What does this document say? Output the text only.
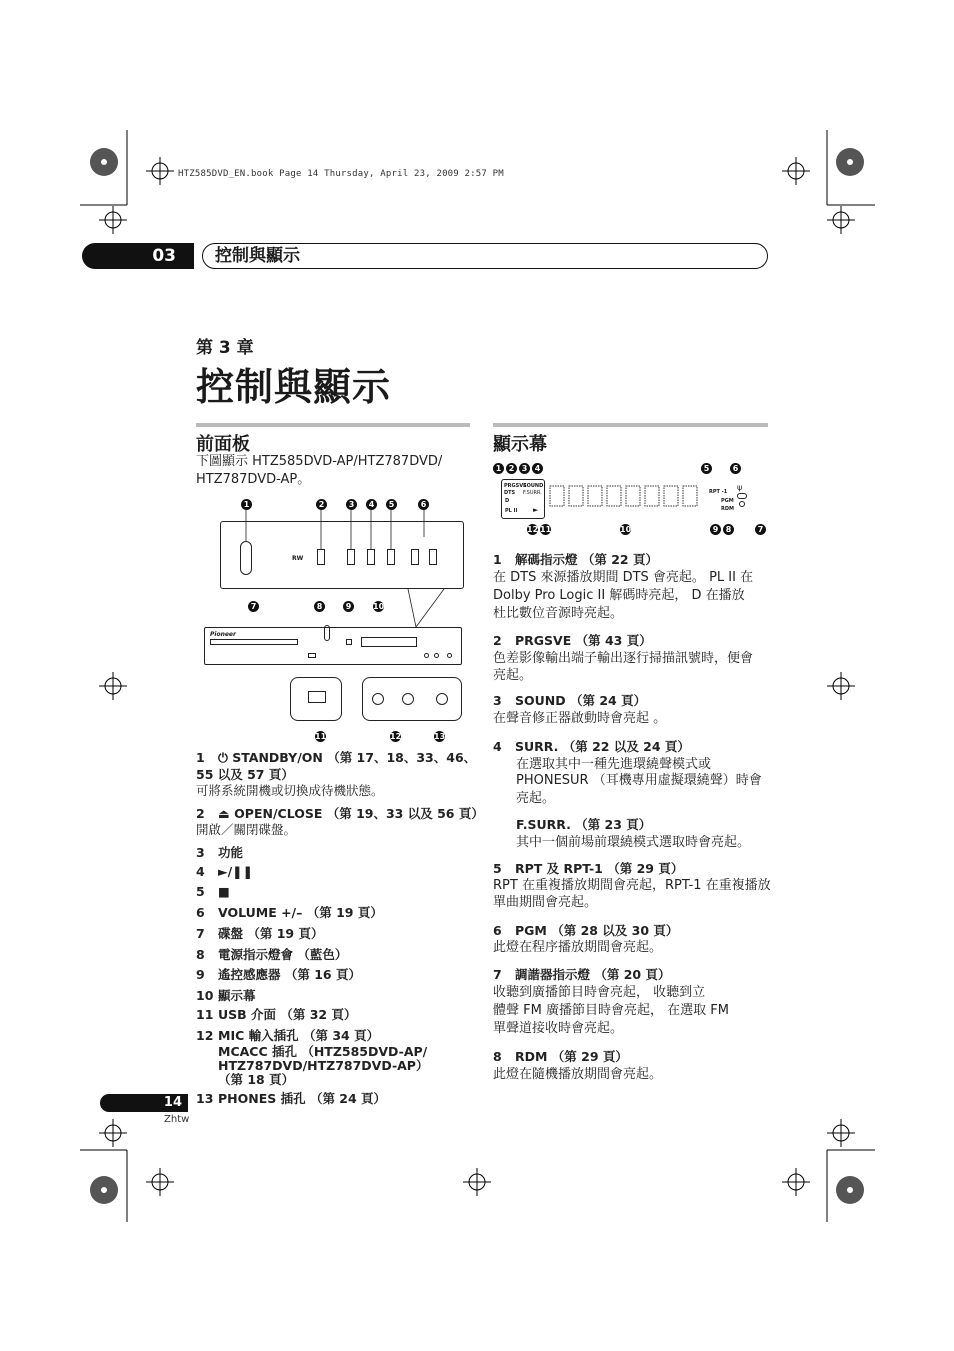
HTZ585DVD_EN.book Page 14 Thursday, April 23, 2009 2:57 PM
03	控制與顯示
第 3 章
控制與顯示
前面板
下圖顯示 HTZ585DVD-AP/HTZ787DVD/
HTZ787DVD-AP。
RW
Pioneer
1	2	3	4	5	6
7	8	9	10
11	12	13
1 ⏻ STANDBY/ON （第 17、18、33、46、
55 以及 57 頁）
可將系統開機或切換成待機狀態。
2 ⏏ OPEN/CLOSE （第 19、33 以及 56 頁）
開啟／關閉碟盤。
3 功能
4 ►/❚❚
5 ■
6 VOLUME +/– （第 19 頁）
7 碟盤 （第 19 頁）
8 電源指示燈會 （藍色）
9 遙控感應器 （第 16 頁）
10 顯示幕
11 USB 介面 （第 32 頁）
12 MIC 輸入插孔 （第 34 頁）
MCACC 插孔 （HTZ585DVD-AP/
HTZ787DVD/HTZ787DVD-AP）
（第 18 頁）
13 PHONES 插孔 （第 24 頁）
顯示幕
1 2 3 4	5	6
7
8
9
10
11
12
PRGSVE
SOUND
DTS F.SURR.
D
PL II ►
RPT -1
PGM
RDM
ψ
1 解碼指示燈 （第 22 頁）
在 DTS 來源播放期間 DTS 會亮起。 PL II 在
Dolby Pro Logic II 解碼時亮起， D 在播放
杜比數位音源時亮起。
2 PRGSVE （第 43 頁）
色差影像輸出端子輸出逐行掃描訊號時，便會
亮起。
3 SOUND （第 24 頁）
在聲音修正器啟動時會亮起 。
4 SURR. （第 22 以及 24 頁）
在選取其中一種先進環繞聲模式或
PHONESUR （耳機專用虛擬環繞聲）時會
亮起。
F.SURR. （第 23 頁）
其中一個前場前環繞模式選取時會亮起。
5 RPT 及 RPT-1 （第 29 頁）
RPT 在重複播放期間會亮起，RPT-1 在重複播放
單曲期間會亮起。
6 PGM （第 28 以及 30 頁）
此燈在程序播放期間會亮起。
7 調諧器指示燈 （第 20 頁）
收聽到廣播節目時會亮起， 收聽到立
體聲 FM 廣播節目時會亮起， 在選取 FM
單聲道接收時會亮起。
8 RDM （第 29 頁）
此燈在隨機播放期間會亮起。
14
Zhtw
